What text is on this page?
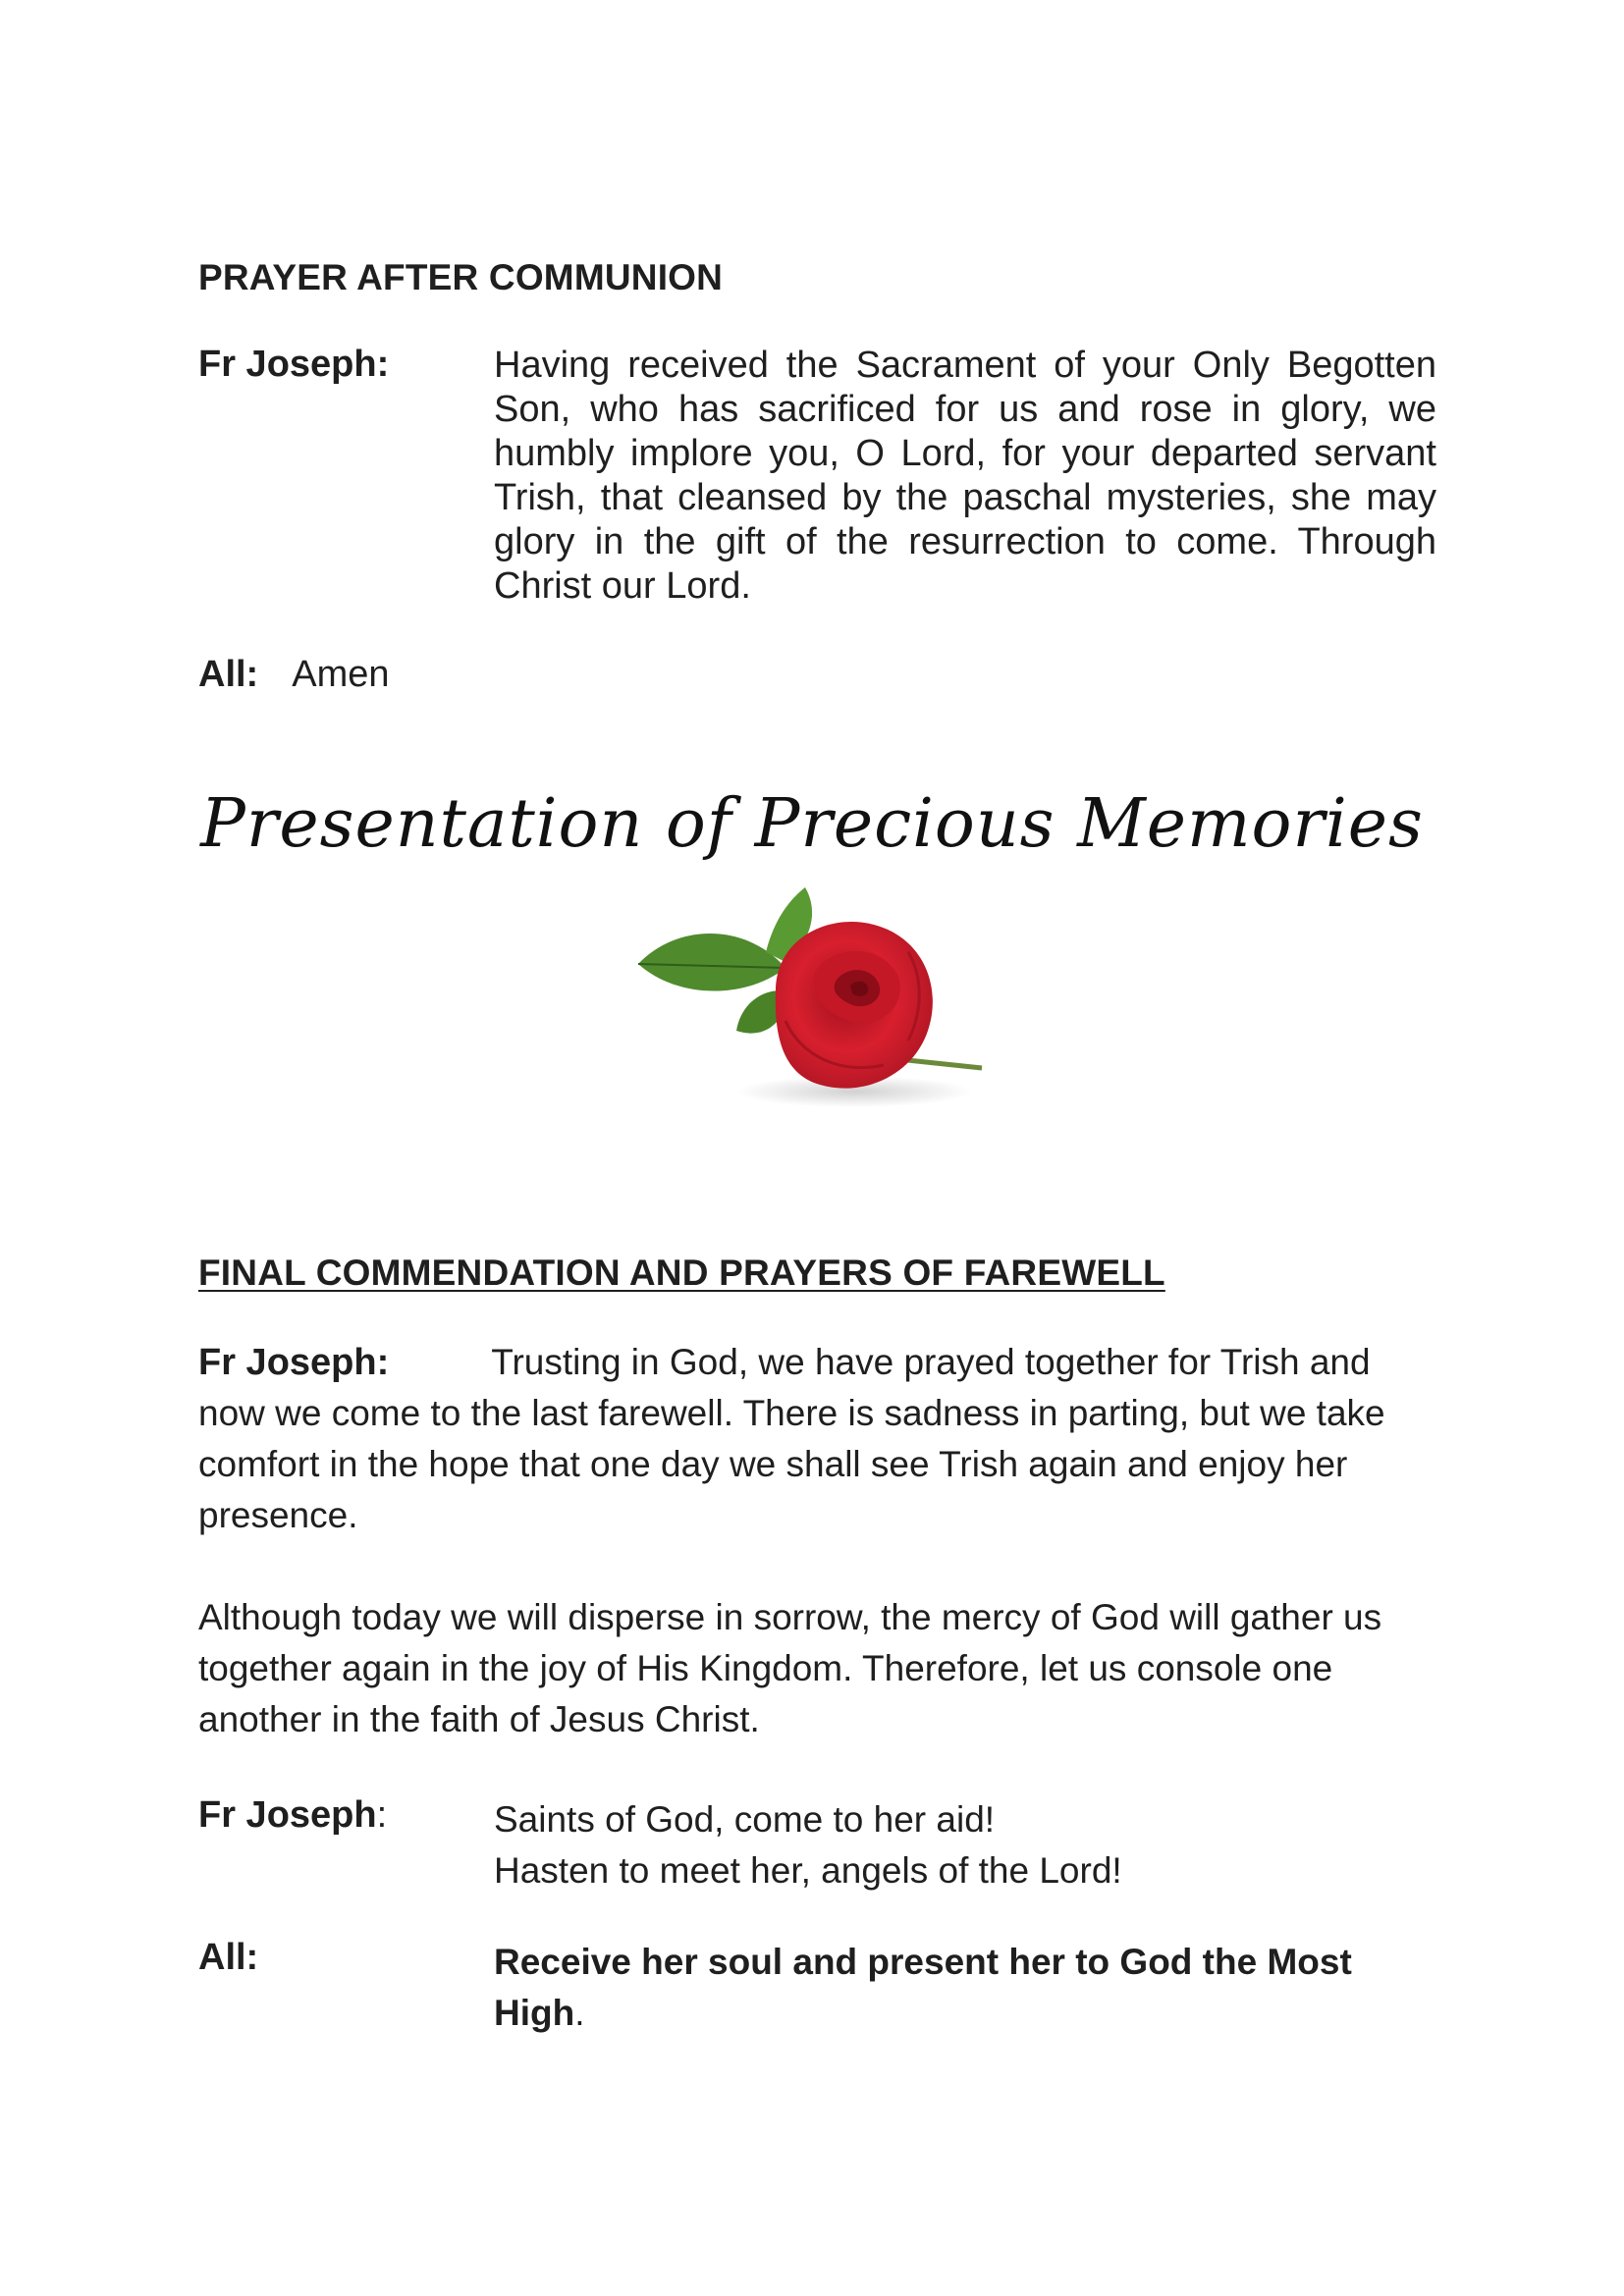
PRAYER AFTER COMMUNION
Fr Joseph:	Having received the Sacrament of your Only Begotten Son, who has sacrificed for us and rose in glory, we humbly implore you, O Lord, for your departed servant Trish, that cleansed by the paschal mysteries, she may glory in the gift of the resurrection to come. Through Christ our Lord.
All: Amen
Presentation of Precious Memories
FINAL COMMENDATION AND PRAYERS OF FAREWELL
Fr Joseph:	Trusting in God, we have prayed together for Trish and
now we come to the last farewell. There is sadness in parting, but we take comfort in the hope that one day we shall see Trish again and enjoy her presence.
Although today we will disperse in sorrow, the mercy of God will gather us together again in the joy of His Kingdom. Therefore, let us console one another in the faith of Jesus Christ.
Fr Joseph:	Saints of God, come to her aid!
Hasten to meet her, angels of the Lord!
All:	Receive her soul and present her to God the Most High.
